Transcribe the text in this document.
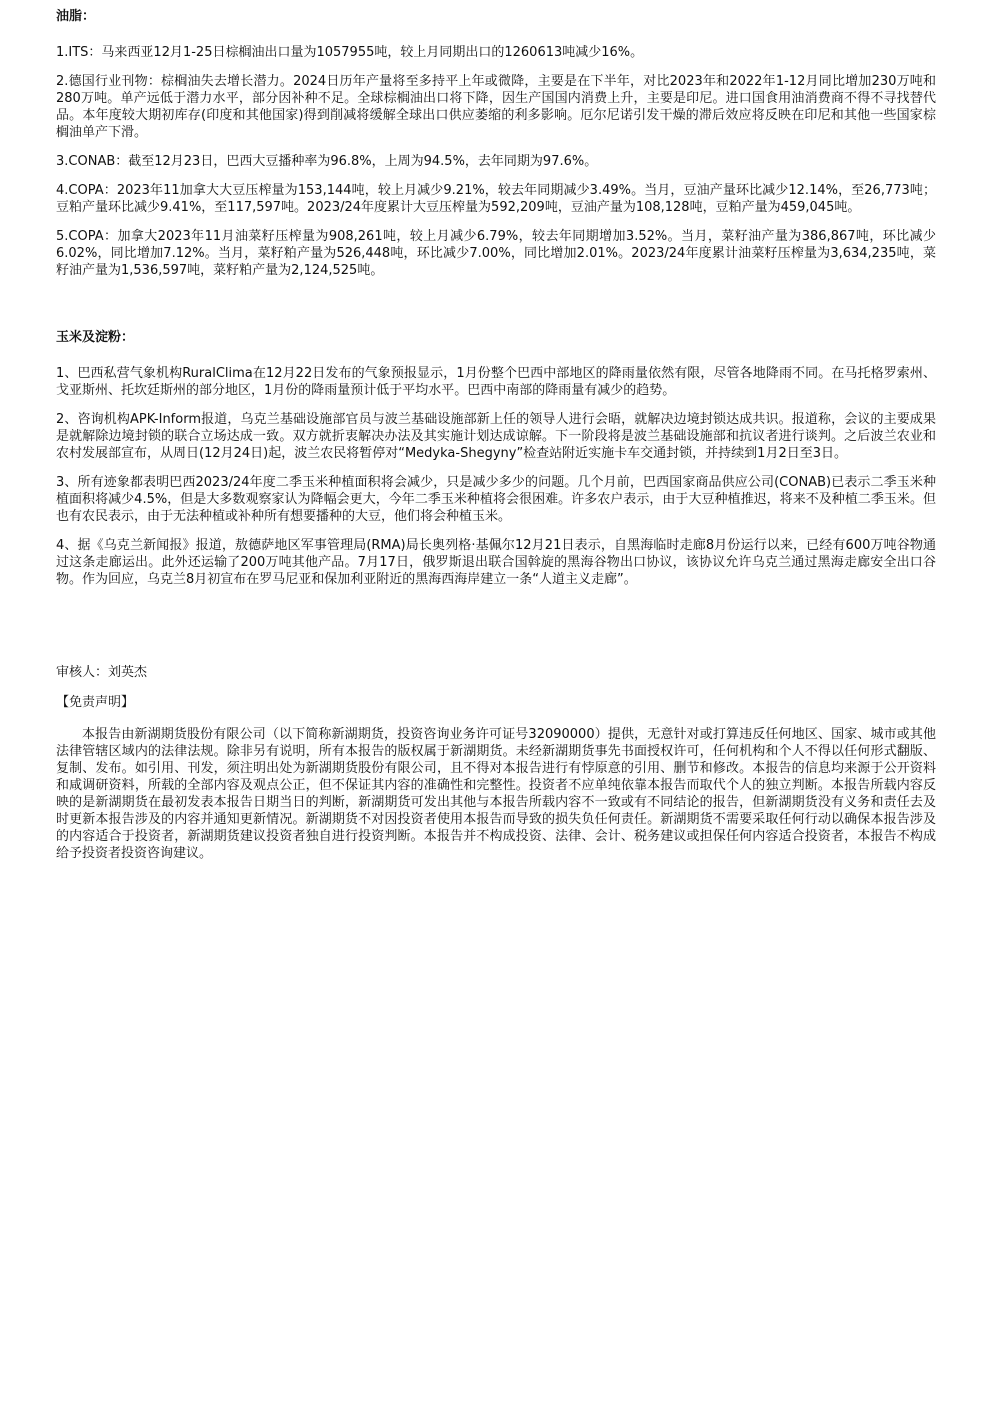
油脂：

1.ITS：马来西亚12月1-25日棕榈油出口量为1057955吨，较上月同期出口的1260613吨减少16%。

2.德国行业刊物：棕榈油失去增长潜力。2024日历年产量将至多持平上年或微降，主要是在下半年，对比2023年和2022年1-12月同比增加230万吨和280万吨。单产远低于潜力水平，部分因补种不足。全球棕榈油出口将下降，因生产国国内消费上升，主要是印尼。进口国食用油消费商不得不寻找替代品。本年度较大期初库存(印度和其他国家)得到削减将缓解全球出口供应萎缩的利多影响。厄尔尼诺引发干燥的滞后效应将反映在印尼和其他一些国家棕榈油单产下滑。

3.CONAB：截至12月23日，巴西大豆播种率为96.8%，上周为94.5%，去年同期为97.6%。

4.COPA：2023年11加拿大大豆压榨量为153,144吨，较上月减少9.21%，较去年同期减少3.49%。当月，豆油产量环比减少12.14%，至26,773吨；豆粕产量环比减少9.41%，至117,597吨。2023/24年度累计大豆压榨量为592,209吨，豆油产量为108,128吨，豆粕产量为459,045吨。

5.COPA：加拿大2023年11月油菜籽压榨量为908,261吨，较上月减少6.79%，较去年同期增加3.52%。当月，菜籽油产量为386,867吨，环比减少6.02%，同比增加7.12%。当月，菜籽粕产量为526,448吨，环比减少7.00%，同比增加2.01%。2023/24年度累计油菜籽压榨量为3,634,235吨，菜籽油产量为1,536,597吨，菜籽粕产量为2,124,525吨。

玉米及淀粉：

1、巴西私营气象机构RuralClima在12月22日发布的气象预报显示，1月份整个巴西中部地区的降雨量依然有限，尽管各地降雨不同。在马托格罗索州、戈亚斯州、托坎廷斯州的部分地区，1月份的降雨量预计低于平均水平。巴西中南部的降雨量有减少的趋势。

2、咨询机构APK-Inform报道，乌克兰基础设施部官员与波兰基础设施部新上任的领导人进行会晤，就解决边境封锁达成共识。报道称，会议的主要成果是就解除边境封锁的联合立场达成一致。双方就折衷解决办法及其实施计划达成谅解。下一阶段将是波兰基础设施部和抗议者进行谈判。之后波兰农业和农村发展部宣布，从周日(12月24日)起，波兰农民将暂停对“Medyka-Shegyny”检查站附近实施卡车交通封锁，并持续到1月2日至3日。

3、所有迹象都表明巴西2023/24年度二季玉米种植面积将会减少，只是减少多少的问题。几个月前，巴西国家商品供应公司(CONAB)已表示二季玉米种植面积将减少4.5%，但是大多数观察家认为降幅会更大，今年二季玉米种植将会很困难。许多农户表示，由于大豆种植推迟，将来不及种植二季玉米。但也有农民表示，由于无法种植或补种所有想要播种的大豆，他们将会种植玉米。

4、据《乌克兰新闻报》报道，敖德萨地区军事管理局(RMA)局长奥列格·基佩尔12月21日表示，自黑海临时走廊8月份运行以来，已经有600万吨谷物通过这条走廊运出。此外还运输了200万吨其他产品。7月17日，俄罗斯退出联合国斡旋的黑海谷物出口协议，该协议允许乌克兰通过黑海走廊安全出口谷物。作为回应，乌克兰8月初宣布在罗马尼亚和保加利亚附近的黑海西海岸建立一条“人道主义走廊”。

审核人：刘英杰
【免责声明】

本报告由新湖期货股份有限公司（以下简称新湖期货，投资咨询业务许可证号32090000）提供，无意针对或打算违反任何地区、国家、城市或其他法律管辖区域内的法律法规。除非另有说明，所有本报告的版权属于新湖期货。未经新湖期货事先书面授权许可，任何机构和个人不得以任何形式翻版、复制、发布。如引用、刊发，须注明出处为新湖期货股份有限公司，且不得对本报告进行有悖原意的引用、删节和修改。本报告的信息均来源于公开资料和咸调研资料，所载的全部内容及观点公正，但不保证其内容的准确性和完整性。投资者不应单纯依靠本报告而取代个人的独立判断。本报告所载内容反映的是新湖期货在最初发表本报告日期当日的判断，新湖期货可发出其他与本报告所载内容不一致或有不同结论的报告，但新湖期货没有义务和责任去及时更新本报告涉及的内容并通知更新情况。新湖期货不对因投资者使用本报告而导致的损失负任何责任。新湖期货不需要采取任何行动以确保本报告涉及的内容适合于投资者，新湖期货建议投资者独自进行投资判断。本报告并不构成投资、法律、会计、税务建议或担保任何内容适合投资者，本报告不构成给予投资者投资咨询建议。
